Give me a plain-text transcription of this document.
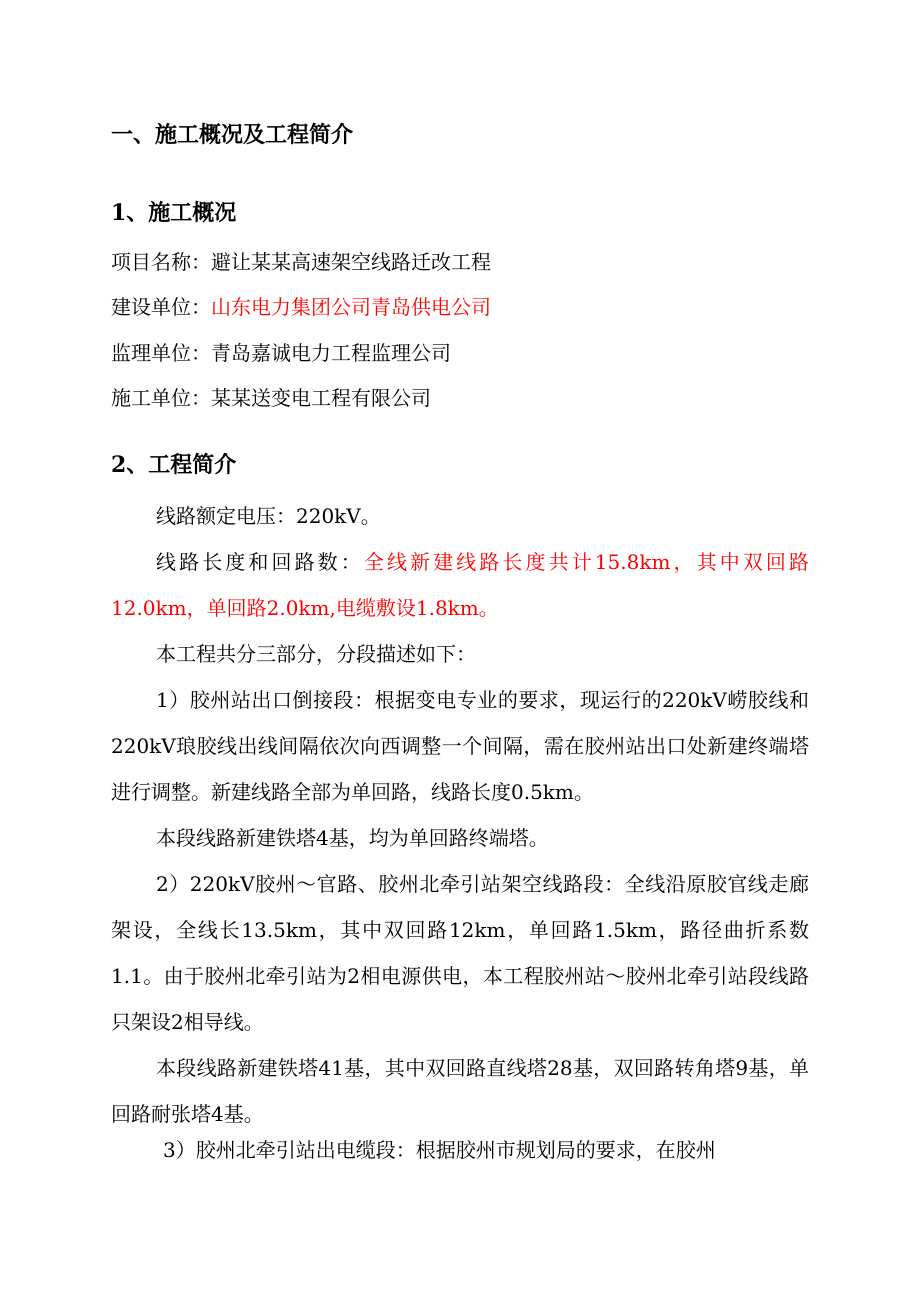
一、施工概况及工程简介
1、施工概况
项目名称：避让某某高速架空线路迁改工程
建设单位：山东电力集团公司青岛供电公司
监理单位：青岛嘉诚电力工程监理公司
施工单位：某某送变电工程有限公司
2、工程简介
线路额定电压：220kV。
线路长度和回路数：全线新建线路长度共计15.8km，其中双回路12.0km，单回路2.0km,电缆敷设1.8km。
本工程共分三部分，分段描述如下：
1）胶州站出口倒接段：根据变电专业的要求，现运行的220kV崂胶线和220kV琅胶线出线间隔依次向西调整一个间隔，需在胶州站出口处新建终端塔进行调整。新建线路全部为单回路，线路长度0.5km。
本段线路新建铁塔4基，均为单回路终端塔。
2）220kV胶州～官路、胶州北牵引站架空线路段：全线沿原胶官线走廊架设，全线长13.5km，其中双回路12km，单回路1.5km，路径曲折系数1.1。由于胶州北牵引站为2相电源供电，本工程胶州站～胶州北牵引站段线路只架设2相导线。
本段线路新建铁塔41基，其中双回路直线塔28基，双回路转角塔9基，单回路耐张塔4基。
3）胶州北牵引站出电缆段：根据胶州市规划局的要求，在胶州
